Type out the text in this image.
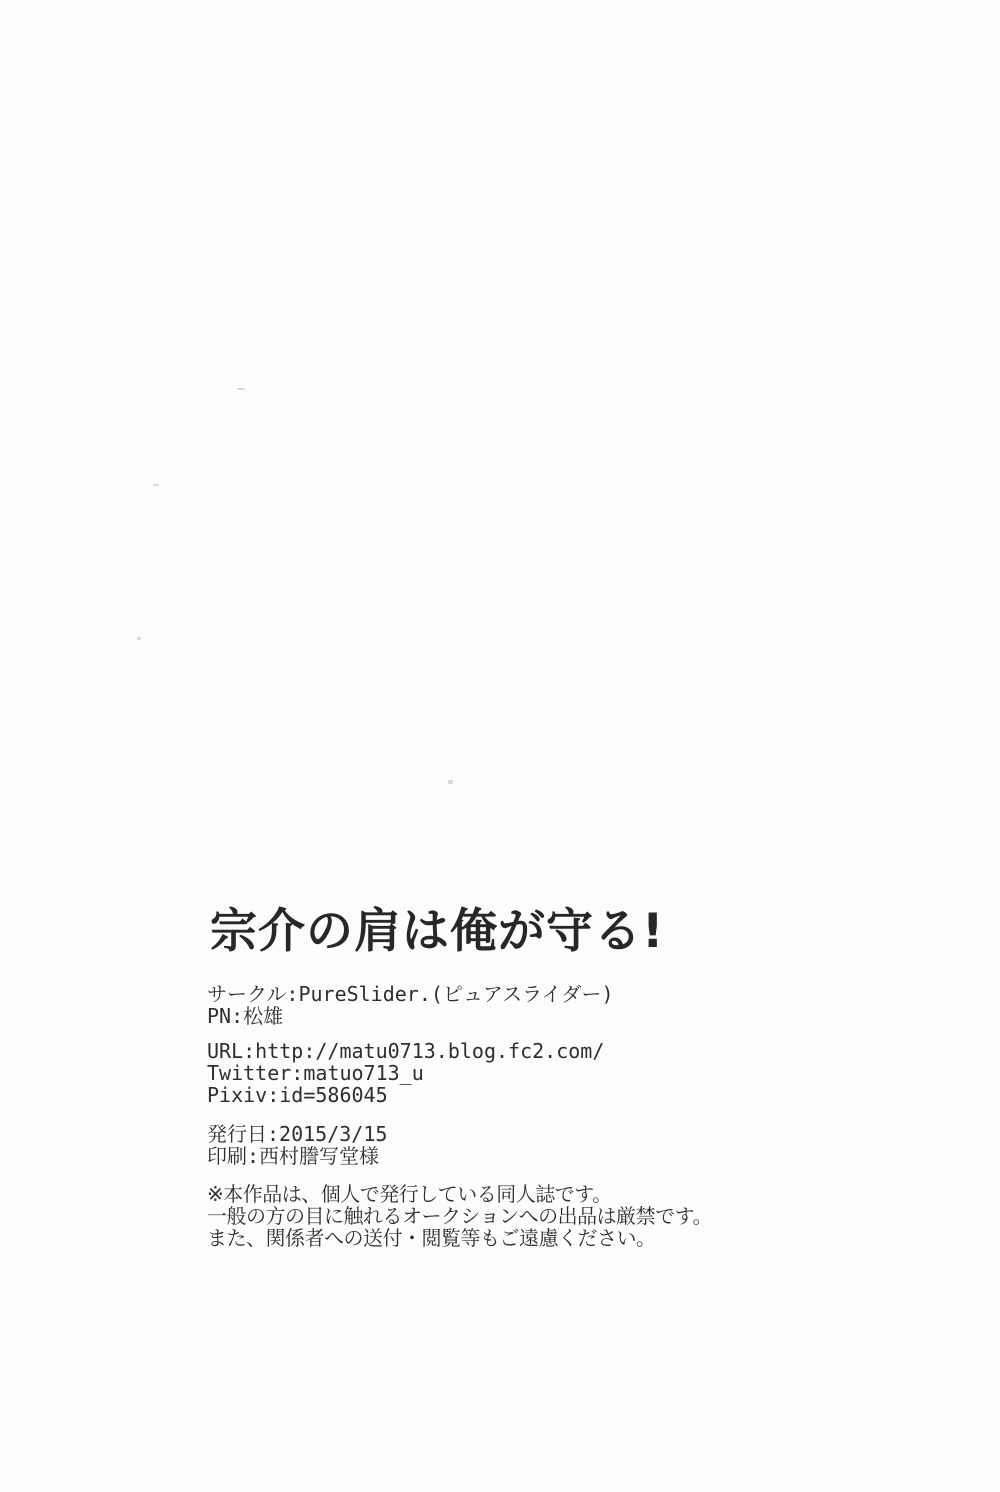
宗介の肩は俺が守る!
サークル:PureSlider.(ピュアスライダー)
PN:松雄
URL:http://matu0713.blog.fc2.com/
Twitter:matuo713_u
Pixiv:id=586045
発行日:2015/3/15
印刷:西村謄写堂様
※本作品は、個人で発行している同人誌です。
一般の方の目に触れるオークションへの出品は厳禁です。
また、関係者への送付・閲覧等もご遠慮ください。
